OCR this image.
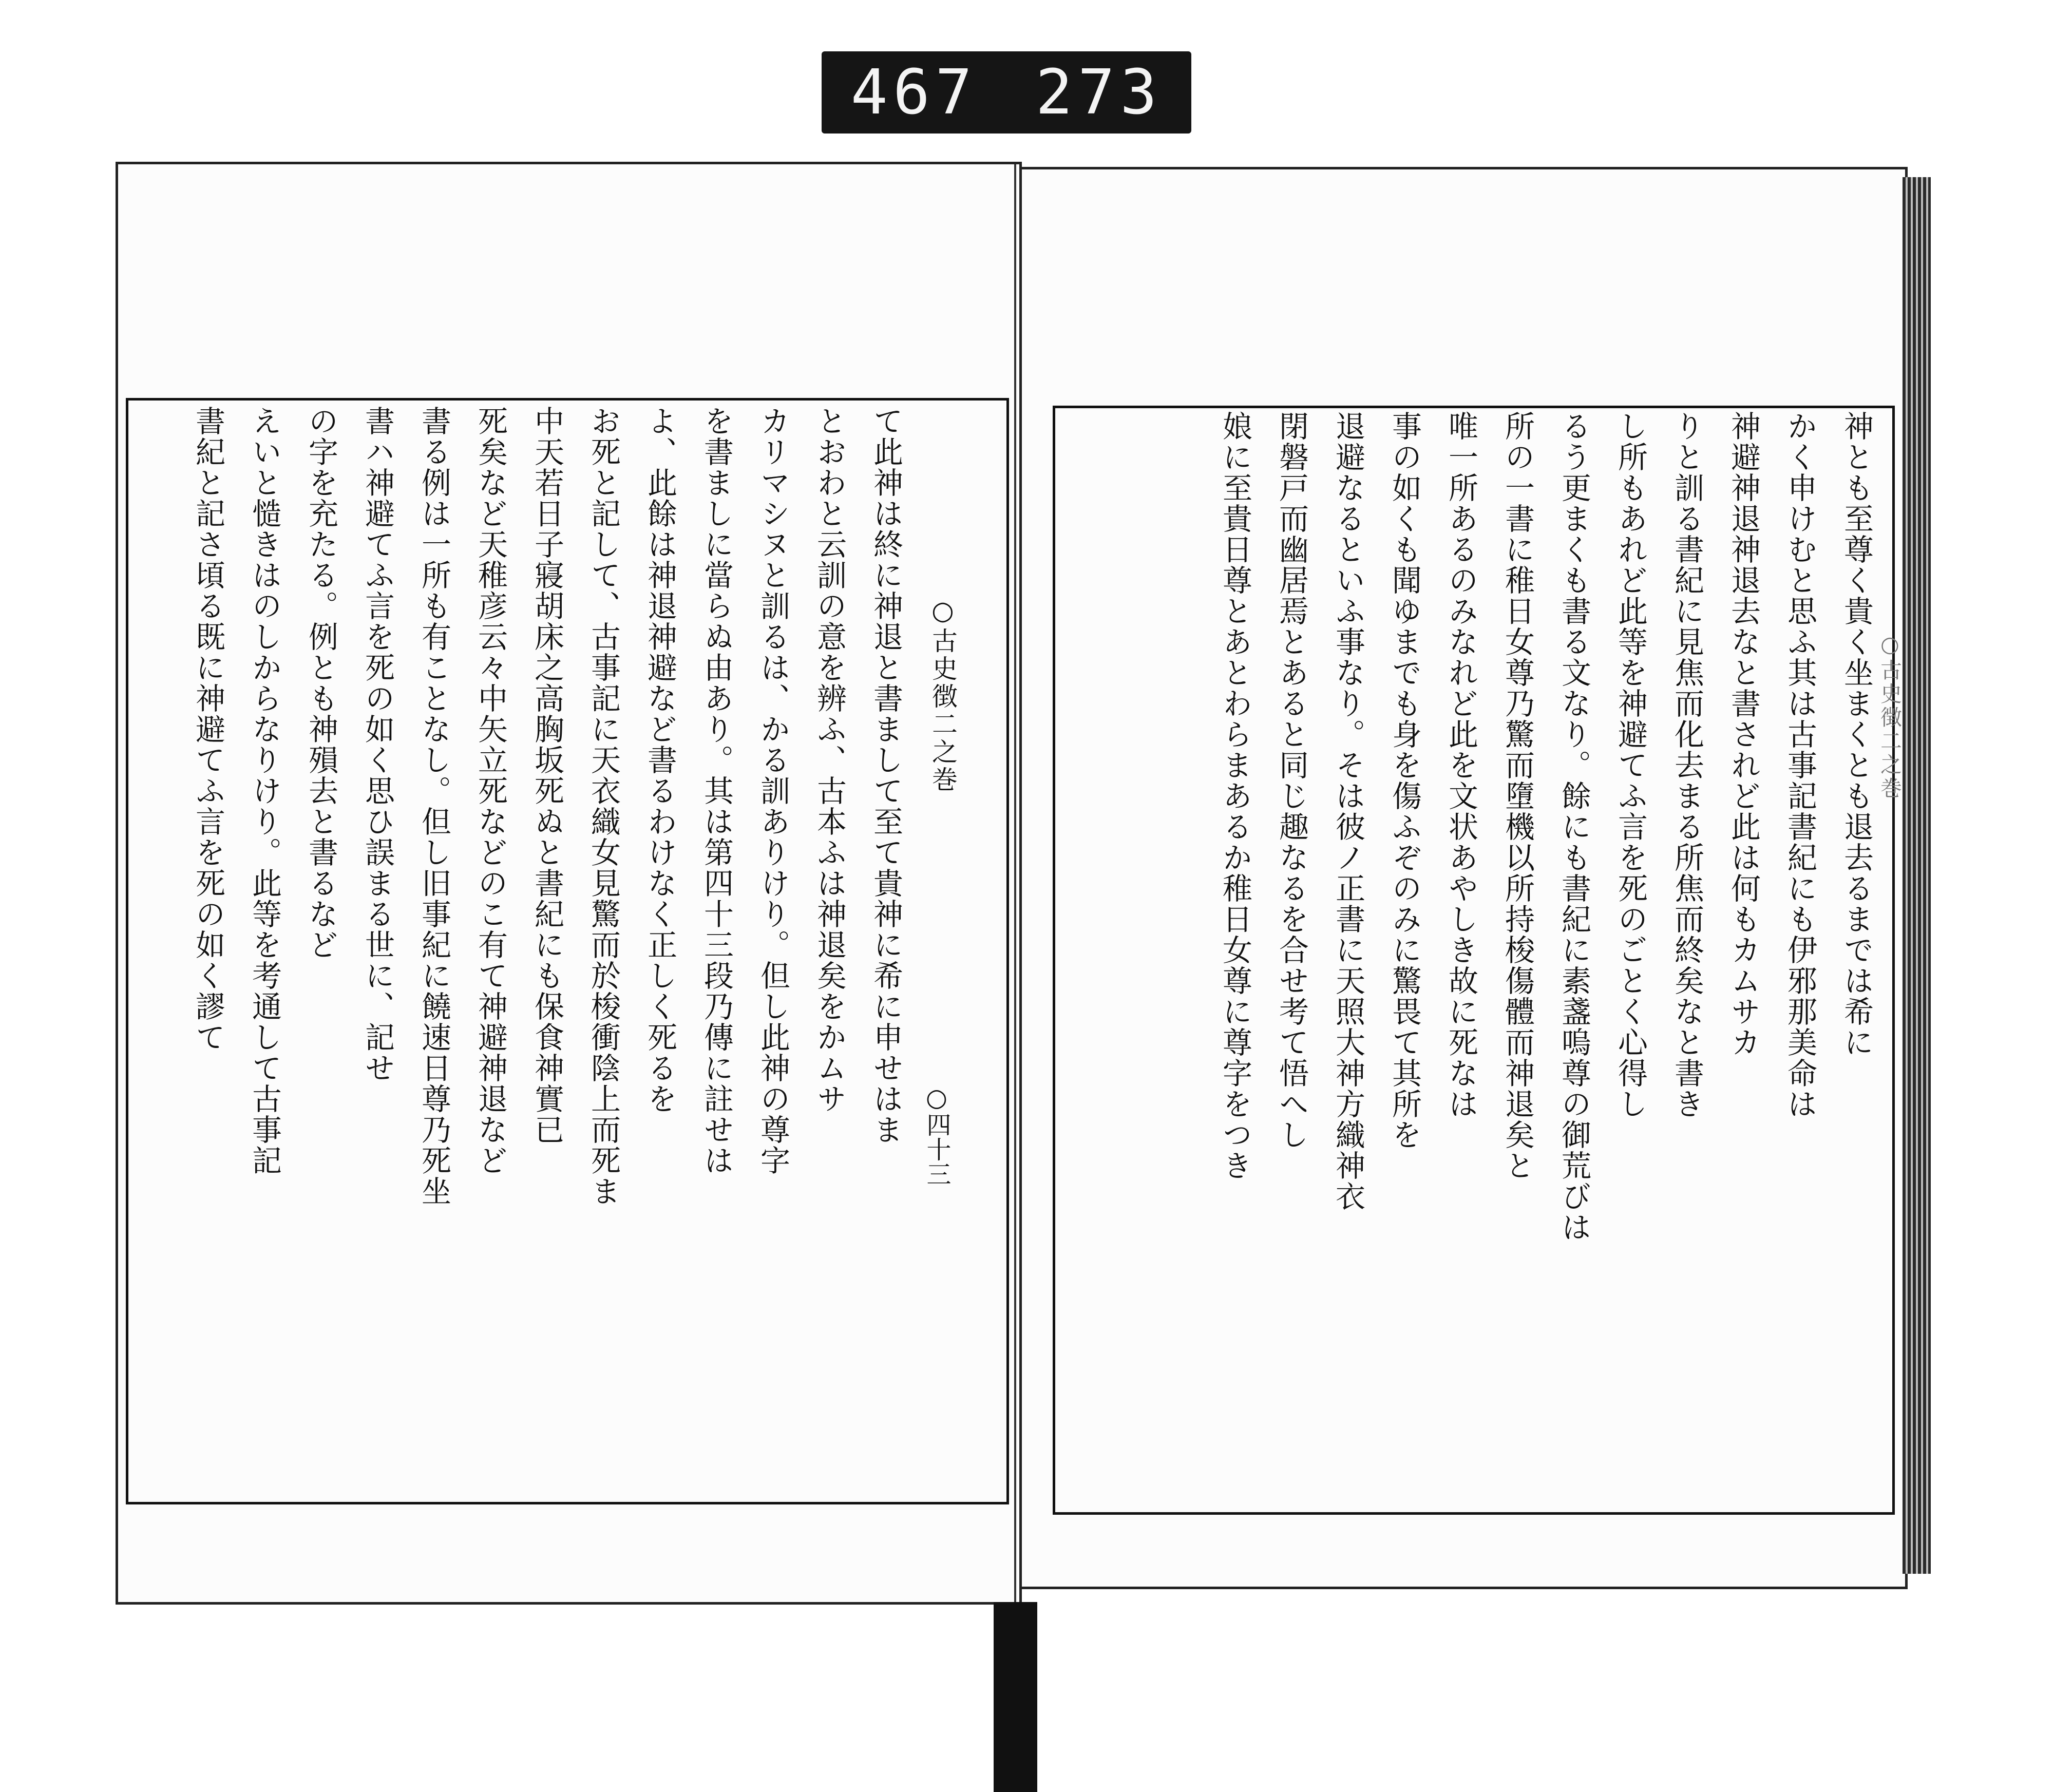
467 273
○古史徴二之巻
○四十三
○古史徴二之巻
て此神は終に神退と書まして至て貴神に希に申せはま
とおわと云訓の意を辨ふ、古本ふは神退矣をかムサ
カリマシヌと訓るは、かる訓ありけり。但し此神の尊字
を書ましに當らぬ由あり。其は第四十三段乃傳に註せは
よ、此餘は神退神避など書るわけなく正しく死るを
お死と記して、古事記に天衣織女見驚而於梭衝陰上而死ま
中天若日子寢胡床之高胸坂死ぬと書紀にも保食神實已
死矣など天稚彦云々中矢立死などのこ有て神避神退など
書る例は一所も有ことなし。但し旧事紀に饒速日尊乃死坐
書ハ神避てふ言を死の如く思ひ誤まる世に、記せ
の字を充たる。例とも神殞去と書るなど
えいと慥きはのしからなりけり。此等を考通して古事記
書紀と記さ頃る既に神避てふ言を死の如く謬て	神とも至尊く貴く坐まくとも退去るまでは希に
かく申けむと思ふ其は古事記書紀にも伊邪那美命は
神避神退神退去なと書されど此は何もカムサカ
りと訓る書紀に見焦而化去まる所焦而終矣なと書き
し所もあれど此等を神避てふ言を死のごとく心得し
るう更まくも書る文なり。餘にも書紀に素盞嗚尊の御荒びは
所の一書に稚日女尊乃驚而墮機以所持梭傷體而神退矣と
唯一所あるのみなれど此を文状あやしき故に死なは
事の如くも聞ゆまでも身を傷ふぞのみに驚畏て其所を
退避なるといふ事なり。そは彼ノ正書に天照大神方織神衣
閉磐戸而幽居焉とあると同じ趣なるを合せ考て悟へし
娘に至貴日尊とあとわらまあるか稚日女尊に尊字をつき
